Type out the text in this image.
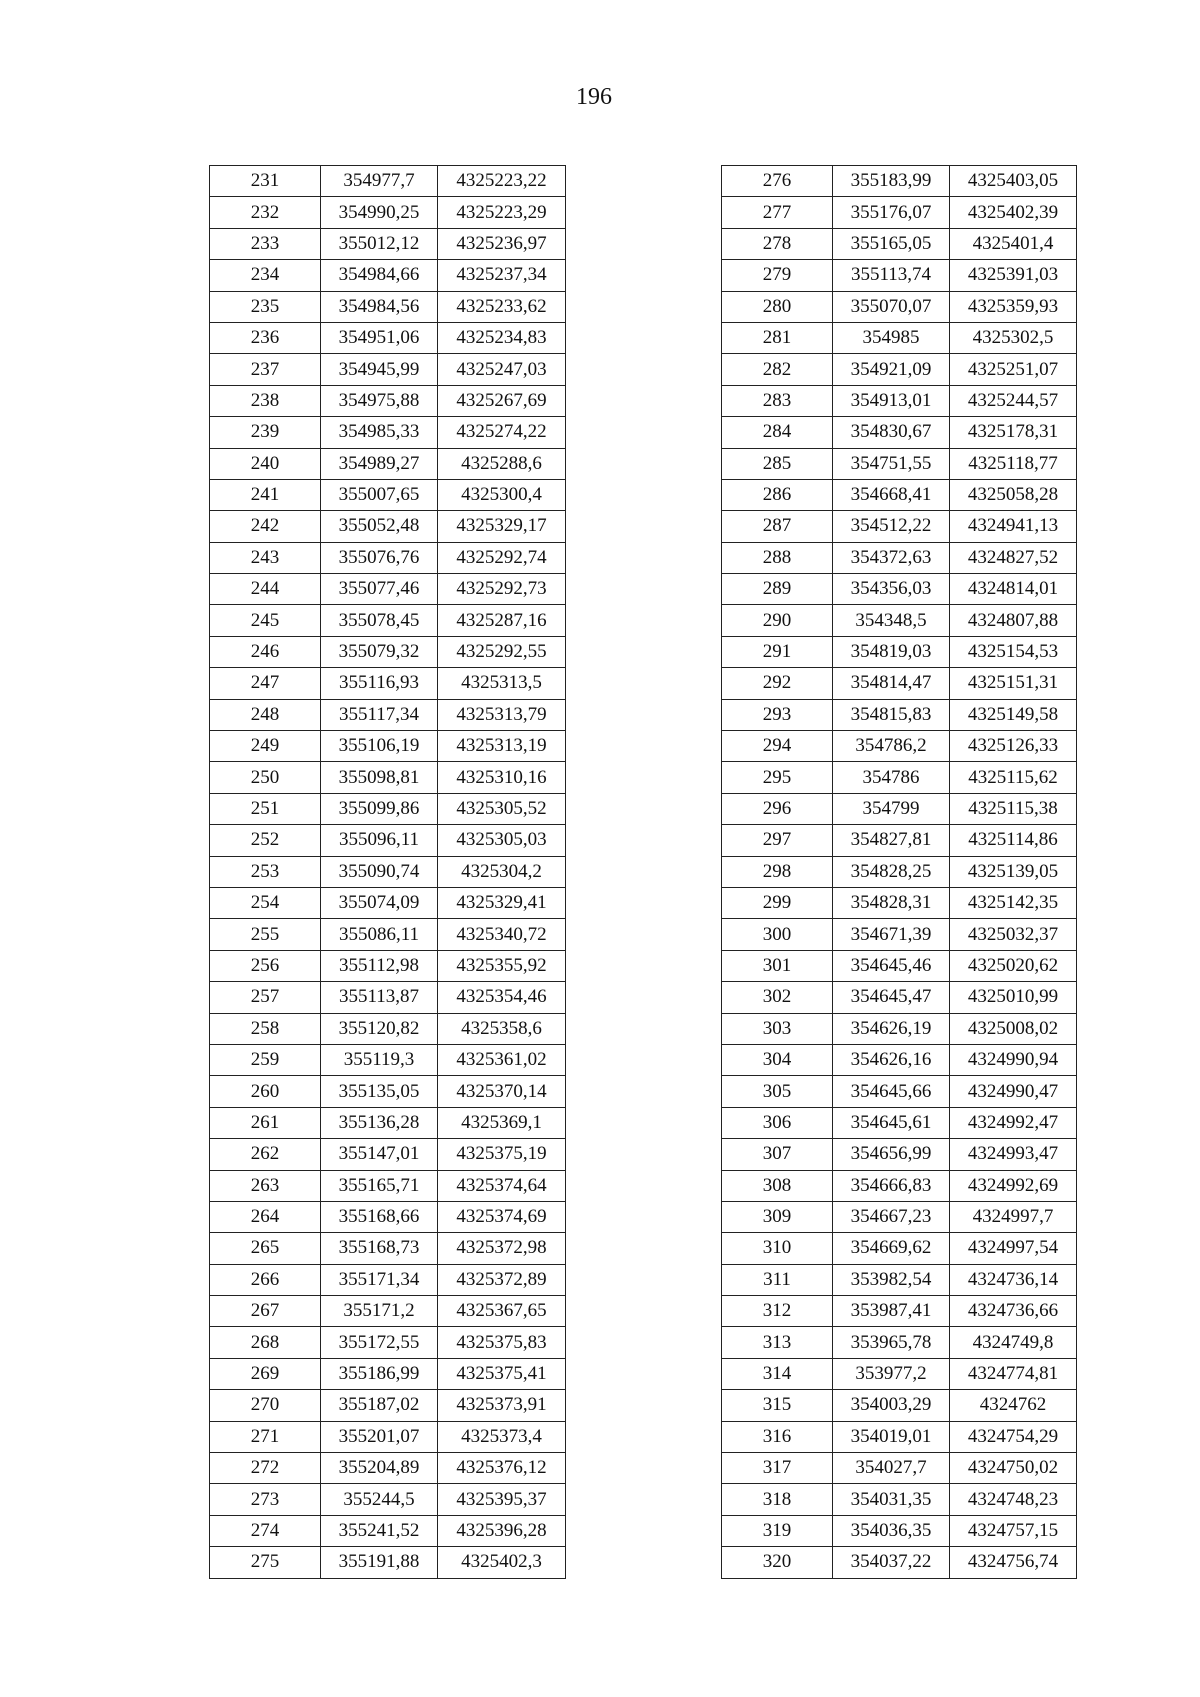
196
231	354977,7	4325223,22
232	354990,25	4325223,29
233	355012,12	4325236,97
234	354984,66	4325237,34
235	354984,56	4325233,62
236	354951,06	4325234,83
237	354945,99	4325247,03
238	354975,88	4325267,69
239	354985,33	4325274,22
240	354989,27	4325288,6
241	355007,65	4325300,4
242	355052,48	4325329,17
243	355076,76	4325292,74
244	355077,46	4325292,73
245	355078,45	4325287,16
246	355079,32	4325292,55
247	355116,93	4325313,5
248	355117,34	4325313,79
249	355106,19	4325313,19
250	355098,81	4325310,16
251	355099,86	4325305,52
252	355096,11	4325305,03
253	355090,74	4325304,2
254	355074,09	4325329,41
255	355086,11	4325340,72
256	355112,98	4325355,92
257	355113,87	4325354,46
258	355120,82	4325358,6
259	355119,3	4325361,02
260	355135,05	4325370,14
261	355136,28	4325369,1
262	355147,01	4325375,19
263	355165,71	4325374,64
264	355168,66	4325374,69
265	355168,73	4325372,98
266	355171,34	4325372,89
267	355171,2	4325367,65
268	355172,55	4325375,83
269	355186,99	4325375,41
270	355187,02	4325373,91
271	355201,07	4325373,4
272	355204,89	4325376,12
273	355244,5	4325395,37
274	355241,52	4325396,28
275	355191,88	4325402,3
276	355183,99	4325403,05
277	355176,07	4325402,39
278	355165,05	4325401,4
279	355113,74	4325391,03
280	355070,07	4325359,93
281	354985	4325302,5
282	354921,09	4325251,07
283	354913,01	4325244,57
284	354830,67	4325178,31
285	354751,55	4325118,77
286	354668,41	4325058,28
287	354512,22	4324941,13
288	354372,63	4324827,52
289	354356,03	4324814,01
290	354348,5	4324807,88
291	354819,03	4325154,53
292	354814,47	4325151,31
293	354815,83	4325149,58
294	354786,2	4325126,33
295	354786	4325115,62
296	354799	4325115,38
297	354827,81	4325114,86
298	354828,25	4325139,05
299	354828,31	4325142,35
300	354671,39	4325032,37
301	354645,46	4325020,62
302	354645,47	4325010,99
303	354626,19	4325008,02
304	354626,16	4324990,94
305	354645,66	4324990,47
306	354645,61	4324992,47
307	354656,99	4324993,47
308	354666,83	4324992,69
309	354667,23	4324997,7
310	354669,62	4324997,54
311	353982,54	4324736,14
312	353987,41	4324736,66
313	353965,78	4324749,8
314	353977,2	4324774,81
315	354003,29	4324762
316	354019,01	4324754,29
317	354027,7	4324750,02
318	354031,35	4324748,23
319	354036,35	4324757,15
320	354037,22	4324756,74
